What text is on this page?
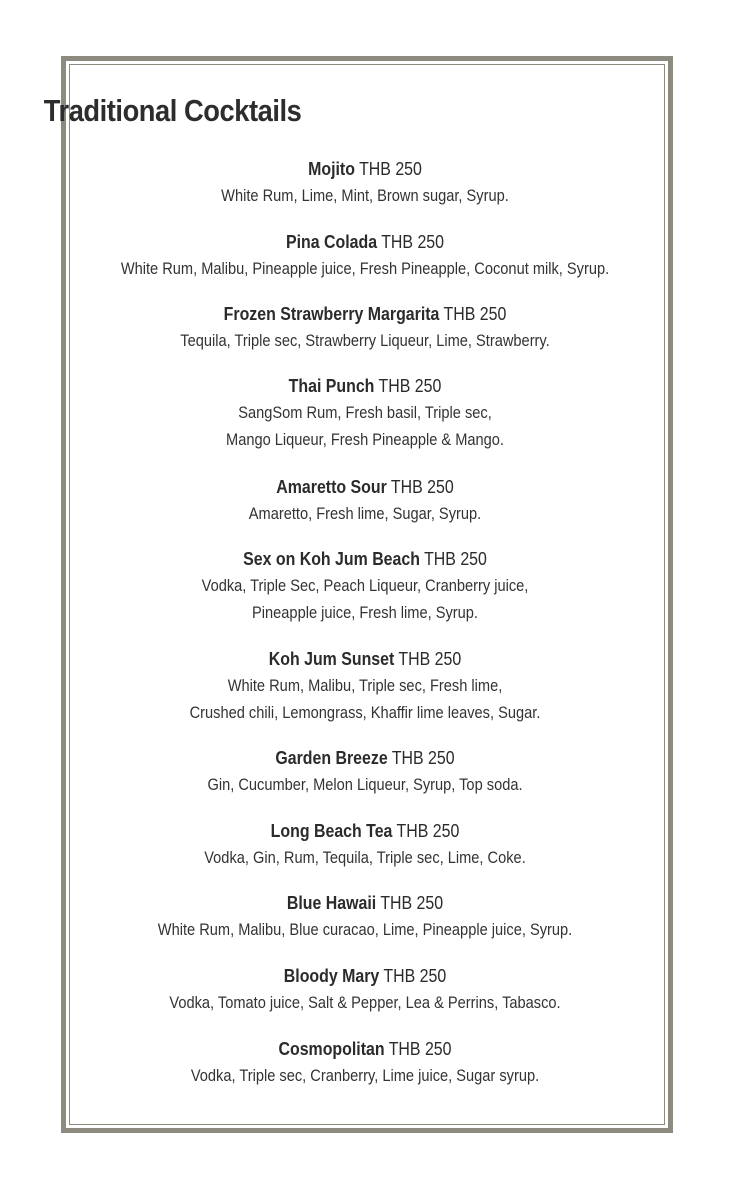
Traditional Cocktails
Mojito THB 250
White Rum, Lime, Mint, Brown sugar, Syrup.
Pina Colada THB 250
White Rum, Malibu, Pineapple juice, Fresh Pineapple, Coconut milk, Syrup.
Frozen Strawberry Margarita THB 250
Tequila, Triple sec, Strawberry Liqueur, Lime, Strawberry.
Thai Punch THB 250
SangSom Rum, Fresh basil, Triple sec,
Mango Liqueur, Fresh Pineapple & Mango.
Amaretto Sour THB 250
Amaretto, Fresh lime, Sugar, Syrup.
Sex on Koh Jum Beach THB 250
Vodka, Triple Sec, Peach Liqueur, Cranberry juice,
Pineapple juice, Fresh lime, Syrup.
Koh Jum Sunset THB 250
White Rum, Malibu, Triple sec, Fresh lime,
Crushed chili, Lemongrass, Khaffir lime leaves, Sugar.
Garden Breeze THB 250
Gin, Cucumber, Melon Liqueur, Syrup, Top soda.
Long Beach Tea THB 250
Vodka, Gin, Rum, Tequila, Triple sec, Lime, Coke.
Blue Hawaii THB 250
White Rum, Malibu, Blue curacao, Lime, Pineapple juice, Syrup.
Bloody Mary THB 250
Vodka, Tomato juice, Salt & Pepper, Lea & Perrins, Tabasco.
Cosmopolitan THB 250
Vodka, Triple sec, Cranberry, Lime juice, Sugar syrup.
